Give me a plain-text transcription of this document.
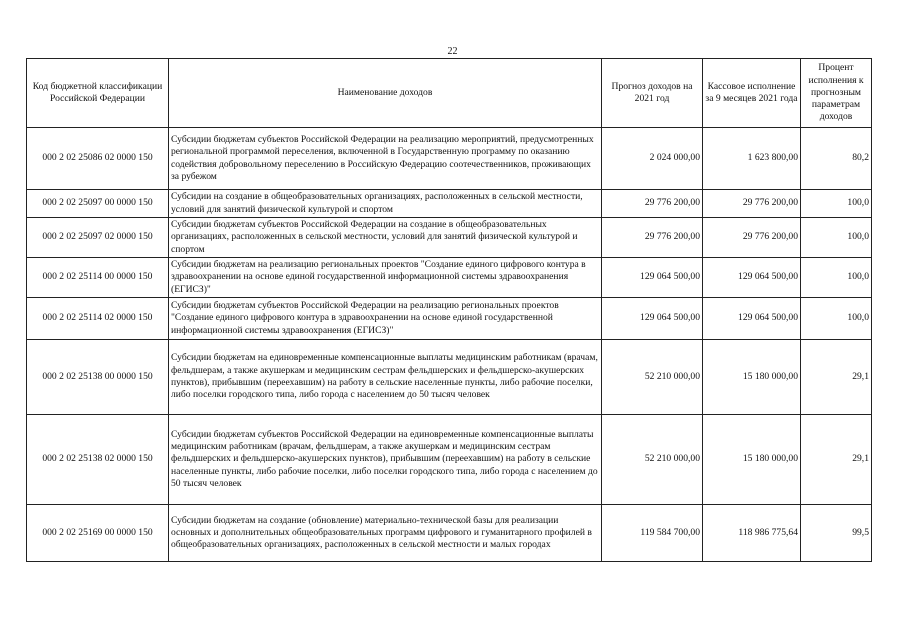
22
Код бюджетной классификации Российской Федерации	Наименование доходов	Прогноз доходов на 2021 год	Кассовое исполнение за 9 месяцев 2021 года	Процент исполнения к прогнозным параметрам доходов
000 2 02 25086 02 0000 150	Субсидии бюджетам субъектов Российской Федерации на реализацию мероприятий, предусмотренных региональной программой переселения, включенной в Государственную программу по оказанию содействия добровольному переселению в Российскую Федерацию соотечественников, проживающих за рубежом	2 024 000,00	1 623 800,00	80,2
000 2 02 25097 00 0000 150	Субсидии на создание в общеобразовательных организациях, расположенных в сельской местности, условий для занятий физической культурой и спортом	29 776 200,00	29 776 200,00	100,0
000 2 02 25097 02 0000 150	Субсидии бюджетам субъектов Российской Федерации на создание в общеобразовательных организациях, расположенных в сельской местности, условий для занятий физической культурой и спортом	29 776 200,00	29 776 200,00	100,0
000 2 02 25114 00 0000 150	Субсидии бюджетам на реализацию региональных проектов "Создание единого цифрового контура в здравоохранении на основе единой государственной информационной системы здравоохранения (ЕГИСЗ)"	129 064 500,00	129 064 500,00	100,0
000 2 02 25114 02 0000 150	Субсидии бюджетам субъектов Российской Федерации на реализацию региональных проектов "Создание единого цифрового контура в здравоохранении на основе единой государственной информационной системы здравоохранения (ЕГИСЗ)"	129 064 500,00	129 064 500,00	100,0
000 2 02 25138 00 0000 150	Субсидии бюджетам на единовременные компенсационные выплаты медицинским работникам (врачам, фельдшерам, а также акушеркам и медицинским сестрам фельдшерских и фельдшерско-акушерских пунктов), прибывшим (переехавшим) на работу в сельские населенные пункты, либо рабочие поселки, либо поселки городского типа, либо города с населением до 50 тысяч человек	52 210 000,00	15 180 000,00	29,1
000 2 02 25138 02 0000 150	Субсидии бюджетам субъектов Российской Федерации на единовременные компенсационные выплаты медицинским работникам (врачам, фельдшерам, а также акушеркам и медицинским сестрам фельдшерских и фельдшерско-акушерских пунктов), прибывшим (переехавшим) на работу в сельские населенные пункты, либо рабочие поселки, либо поселки городского типа, либо города с населением до 50 тысяч человек	52 210 000,00	15 180 000,00	29,1
000 2 02 25169 00 0000 150	Субсидии бюджетам на создание (обновление) материально-технической базы для реализации основных и дополнительных общеобразовательных программ цифрового и гуманитарного профилей в общеобразовательных организациях, расположенных в сельской местности и малых городах	119 584 700,00	118 986 775,64	99,5
